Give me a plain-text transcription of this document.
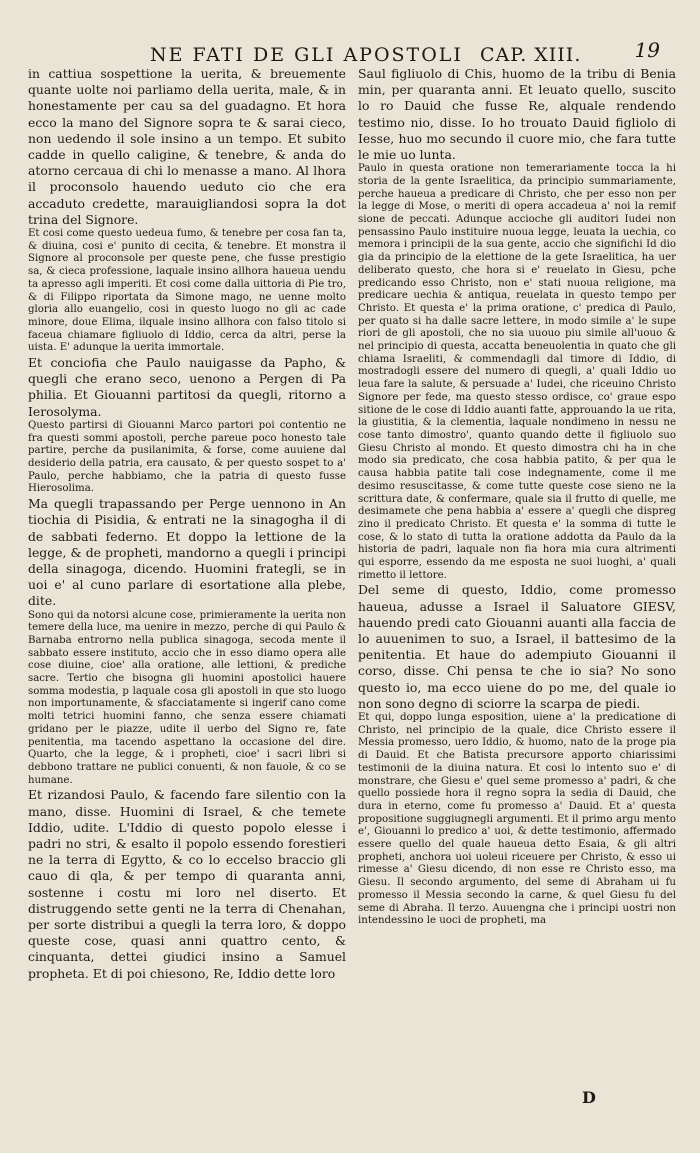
NE FATI DE GLI APOSTOLI CAP. XIII.	19

in cattiua sospettione la uerita, & breuemente quante uolte noi parliamo della uerita, male, & in honestamente per cau sa del guadagno. Et hora ecco la mano del Signore sopra te & sarai cieco, non uedendo il sole insino a un tempo. Et subito cadde in quello caligine, & tenebre, & anda do atorno cercaua di chi lo menasse a mano. Al lhora il proconsolo hauendo ueduto cio che era accaduto credette, marauigliandosi sopra la dot trina del Signore.

Et cosi come questo uedeua fumo, & tenebre per cosa fan ta, & diuina, cosi e' punito di cecita, & tenebre. Et monstra il Signore al proconsole per queste pene, che fusse prestigio sa, & cieca professione, laquale insino allhora haueua uendu ta apresso agli imperiti. Et cosi come dalla uittoria di Pie tro, & di Filippo riportata da Simone mago, ne uenne molto gloria allo euangelio, cosi in questo luogo no gli ac cade minore, doue Elima, ilquale insino allhora con falso titolo si faceua chiamare figliuolo di Iddio, cerca da altri, perse la uista. E' adunque la uerita immortale.

Et conciofia che Paulo nauigasse da Papho, & quegli che erano seco, uenono a Pergen di Pa philia. Et Giouanni partitosi da quegli, ritorno a Ierosolyma.

Questo partirsi di Giouanni Marco partori poi contentio ne fra questi sommi apostoli, perche pareue poco honesto tale partire, perche da pusilanimita, & forse, come auuiene dal desiderio della patria, era causato, & per questo sospet to a' Paulo, perche habbiamo, che la patria di questo fusse Hierosolima.

Ma quegli trapassando per Perge uennono in An tiochia di Pisidia, & entrati ne la sinagogha il di de sabbati federno. Et doppo la lettione de la legge, & de propheti, mandorno a quegli i principi della sinagoga, dicendo. Huomini frategli, se in uoi e' al cuno parlare di esortatione alla plebe, dite.

Sono qui da notorsi alcune cose, primieramente la uerita non temere della luce, ma uenire in mezzo, perche di qui Paulo & Barnaba entrorno nella publica sinagoga, secoda mente il sabbato essere instituto, accio che in esso diamo opera alle cose diuine, cioe' alla oratione, alle lettioni, & prediche sacre. Tertio che bisogna gli huomini apostolici hauere somma modestia, p laquale cosa gli apostoli in que sto luogo non importunamente, & sfacciatamente si ingerif cano come molti tetrici huomini fanno, che senza essere chiamati gridano per le piazze, udite il uerbo del Signo re, fate penitentia, ma tacendo aspettano la occasione del dire. Quarto, che la legge, & i propheti, cioe' i sacri libri si debbono trattare ne publici conuenti, & non fauole, & co se humane.

Et rizandosi Paulo, & facendo fare silentio con la mano, disse. Huomini di Israel, & che temete Iddio, udite. L'Iddio di questo popolo elesse i padri no stri, & esalto il popolo essendo forestieri ne la terra di Egytto, & co lo eccelso braccio gli cauo di qla, & per tempo di quaranta anni, sostenne i costu mi loro nel diserto. Et distruggendo sette genti ne la terra di Chenahan, per sorte distribui a quegli la terra loro, & doppo queste cose, quasi anni quattro cento, & cinquanta, dettei giudici insino a Samuel propheta. Et di poi chiesono, Re, Iddio dette loro

Saul figliuolo di Chis, huomo de la tribu di Benia min, per quaranta anni. Et leuato quello, suscito lo ro Dauid che fusse Re, alquale rendendo testimo nio, disse. Io ho trouato Dauid figliolo di Iesse, huo mo secundo il cuore mio, che fara tutte le mie uo lunta.

Paulo in questa oratione non temerariamente tocca la hi storia de la gente Israelitica, da principio summariamente, perche haueua a predicare di Christo, che per esso non per la legge di Mose, o meriti di opera accadeua a' noi la remif sione de peccati. Adunque accioche gli auditori Iudei non pensassino Paulo instituire nuoua legge, leuata la uechia, co memora i principii de la sua gente, accio che significhi Id dio gia da principio de la elettione de la gete Israelitica, ha uer deliberato questo, che hora si e' reuelato in Giesu, pche predicando esso Christo, non e' stati nuoua religione, ma predicare uechia & antiqua, reuelata in questo tempo per Christo. Et questa e' la prima oratione, c' predica di Paulo, per quato si ha dalle sacre lettere, in modo simile a' le supe riori de gli apostoli, che no sia uuouo piu simile all'uouo & nel principio di questa, accatta beneuolentia in quato che gli chiama Israeliti, & commendagli dal timore di Iddio, di mostradogli essere del numero di quegli, a' quali Iddio uo leua fare la salute, & persuade a' Iudei, che riceuino Christo Signore per fede, ma questo stesso ordisce, co' graue espo sitione de le cose di Iddio auanti fatte, approuando la ue rita, la giustitia, & la clementia, laquale nondimeno in nessu ne cose tanto dimostro', quanto quando dette il figliuolo suo Giesu Christo al mondo. Et questo dimostra chi ha in che modo sia predicato, che cosa habbia patito, & per qua le causa habbia patite tali cose indegnamente, come il me desimo resuscitasse, & come tutte queste cose sieno ne la scrittura date, & confermare, quale sia il frutto di quelle, me desimamete che pena habbia a' essere a' quegli che dispreg zino il predicato Christo. Et questa e' la somma di tutte le cose, & lo stato di tutta la oratione addotta da Paulo da la historia de padri, laquale non fia hora mia cura altrimenti qui esporre, essendo da me esposta ne suoi luoghi, a' quali rimetto il lettore.

Del seme di questo, Iddio, come promesso haueua, adusse a Israel il Saluatore GIESV, hauendo predi cato Giouanni auanti alla faccia de lo auuenimen to suo, a Israel, il battesimo de la penitentia. Et haue do adempiuto Giouanni il corso, disse. Chi pensa te che io sia? No sono questo io, ma ecco uiene do po me, del quale io non sono degno di sciorre la scarpa de piedi.

Et qui, doppo lunga esposition, uiene a' la predicatione di Christo, nel principio de la quale, dice Christo essere il Messia promesso, uero Iddio, & huomo, nato de la proge pia di Dauid. Et che Batista precursore apporto chiarissimi testimonii de la diuina natura. Et cosi lo intento suo e' di monstrare, che Giesu e' quel seme promesso a' padri, & che quello possiede hora il regno sopra la sedia di Dauid, che dura in eterno, come fu promesso a' Dauid. Et a' questa propositione suggiugnegli argumenti. Et il primo argu mento e', Giouanni lo predico a' uoi, & dette testimonio, affermado essere quello del quale haueua detto Esaia, & gli altri propheti, anchora uoi uoleui riceuere per Christo, & esso ui rimesse a' Giesu dicendo, di non esse re Christo esso, ma Giesu. Il secondo argumento, del seme di Abraham ui fu promesso il Messia secondo la carne, & quel Giesu fu del seme di Abraha. Il terzo. Auuengna che i principi uostri non intendessino le uoci de propheti, ma

D
